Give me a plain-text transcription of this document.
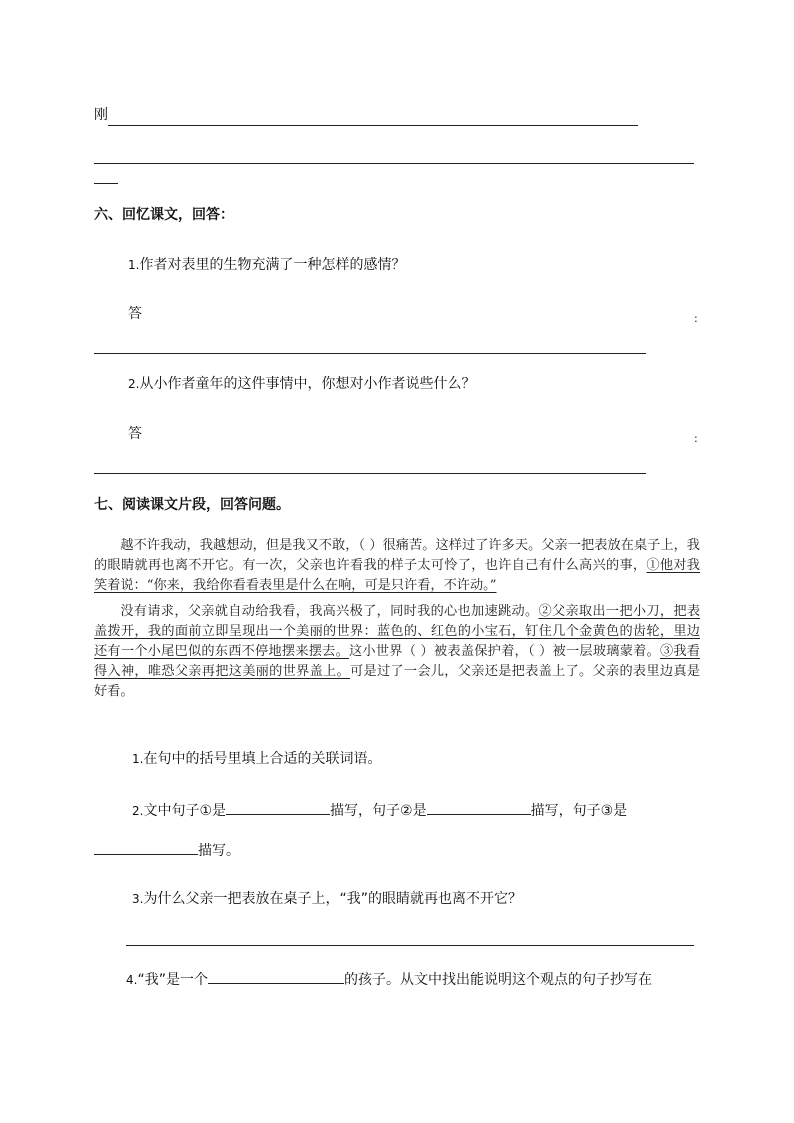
刚
六、回忆课文，回答：
1.作者对表里的生物充满了一种怎样的感情？
答	:
2.从小作者童年的这件事情中，你想对小作者说些什么？
答	:
七、阅读课文片段，回答问题。

越不许我动，我越想动，但是我又不敢，（ ）很痛苦。这样过了许多天。父亲一把表放在桌子上，我的眼睛就再也离不开它。有一次，父亲也许看我的样子太可怜了，也许自己有什么高兴的事，①他对我笑着说：“你来，我给你看看表里是什么在响，可是只许看，不许动。”

没有请求，父亲就自动给我看，我高兴极了，同时我的心也加速跳动。②父亲取出一把小刀，把表盖拨开，我的面前立即呈现出一个美丽的世界：蓝色的、红色的小宝石，钉住几个金黄色的齿轮，里边还有一个小尾巴似的东西不停地摆来摆去。这小世界（ ）被表盖保护着，（ ）被一层玻璃蒙着。③我看得入神，唯恐父亲再把这美丽的世界盖上。可是过了一会儿，父亲还是把表盖上了。父亲的表里边真是好看。

1.在句中的括号里填上合适的关联词语。
2.文中句子①是	描写，句子②是	描写，句子③是
描写。
3.为什么父亲一把表放在桌子上，“我”的眼睛就再也离不开它？
4.“我”是一个	的孩子。从文中找出能说明这个观点的句子抄写在
